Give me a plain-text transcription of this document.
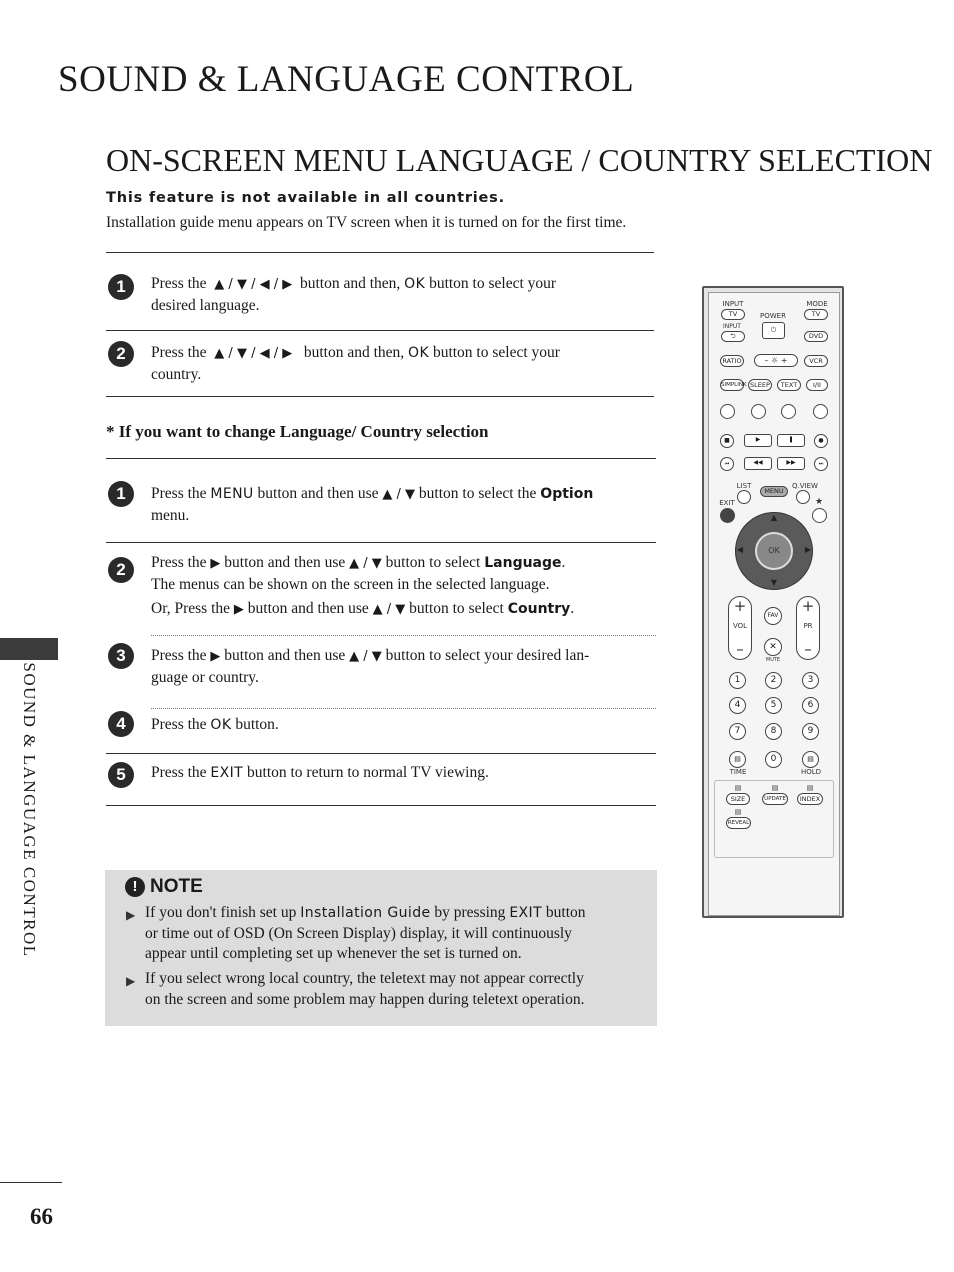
SOUND & LANGUAGE CONTROL
ON-SCREEN MENU LANGUAGE / COUNTRY SELECTION
This feature is not available in all countries.
Installation guide menu appears on TV screen when it is turned on for the first time.
1	Press the ▲ / ▼ / ◀ / ▶ button and then, OK button to select your
desired language.
2	Press the ▲ / ▼ / ◀ / ▶ button and then, OK button to select your
country.
* If you want to change Language/ Country selection
1	Press the MENU button and then use ▲ / ▼ button to select the Option
menu.
2	Press the ▶ button and then use ▲ / ▼ button to select Language.
The menus can be shown on the screen in the selected language.
Or, Press the ▶ button and then use ▲ / ▼ button to select Country.
3	Press the ▶ button and then use ▲ / ▼ button to select your desired lan-
guage or country.
4	Press the OK button.
5	Press the EXIT button to return to normal TV viewing.
! NOTE
▶ If you don't finish set up Installation Guide by pressing EXIT button
or time out of OSD (On Screen Display) display, it will continuously
appear until completing set up whenever the set is turned on.
▶ If you select wrong local country, the teletext may not appear correctly
on the screen and some problem may happen during teletext operation.
SOUND & LANGUAGE CONTROL
66
INPUT	MODE
TV	TV
POWER
⏻
INPUT
⮌	DVD
RATIO	– ☼ +	VCR
SIMPLINK SLEEP	TEXT	I/II
■	▶	❚	●
⏮	◀◀	▶▶	⏭
LIST	Q.VIEW
MENU
EXIT	★
OK
▲
▼
◀	▶
+
VOL
–
+
PR
–
FAV
✕
MUTE
1	2	3
4	5	6
7	8	9
▤	0	▤
TIME	HOLD
▤	▤	▤
SIZE	UPDATE	INDEX
▤
REVEAL
